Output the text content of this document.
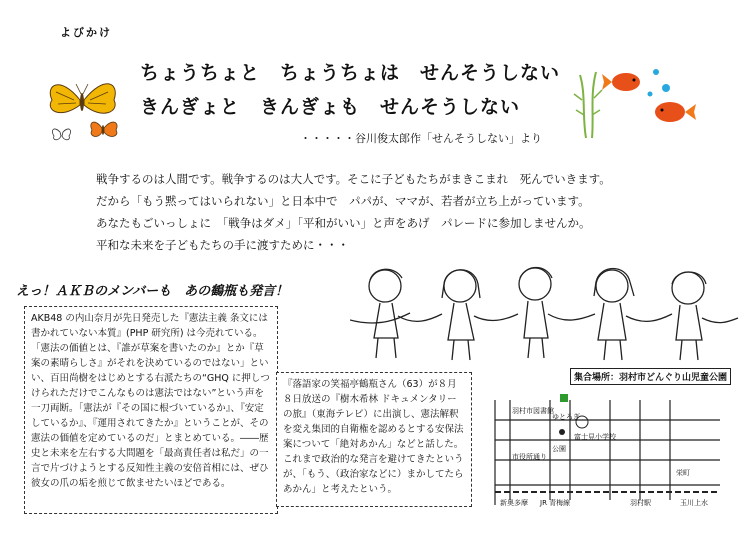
よびかけ
ちょうちょと　ちょうちょは　せんそうしない
きんぎょと　きんぎょも　せんそうしない
・・・・・谷川俊太郎作「せんそうしない」より
戦争するのは人間です。戦争するのは大人です。そこに子どもたちがまきこまれ　死んでいきます。
だから「もう黙ってはいられない」と日本中で　パパが、ママが、若者が立ち上がっています。
あなたもごいっしょに　「戦争はダメ」「平和がいい」と声をあげ　パレードに参加しませんか。
平和な未来を子どもたちの手に渡すために・・・
えっ！ＡＫＢのメンバーも　あの鶴瓶も発言！

AKB48 の内山奈月が先日発売した『憲法主義 条文には書かれていない本質』(PHP 研究所) は今売れている。「憲法の価値とは、『誰が草案を書いたのか』とか『草案の素晴らしさ』がそれを決めているのではない」といい、百田尚樹をはじめとする右派たちの“GHQ に押しつけられただけでこんなものは憲法ではない”という声を一刀両断。「憲法が『その国に根づいているか』、『安定しているか』、『運用されてきたか』ということが、その憲法の価値を定めているのだ」とまとめている。――歴史と未来を左右する大問題を「最高責任者は私だ」の一言で片づけようとする反知性主義の安倍首相には、ぜひ彼女の爪の垢を煎じて飲ませたいほどである。

『落語家の笑福亭鶴瓶さん（63）が８月８日放送の『樹木希林 ドキュメンタリーの旅』（東海テレビ）に出演し、憲法解釈を変え集団的自衛権を認めるとする安保法案について「絶対あかん」などと話した。これまで政治的な発言を避けてきたというが、「もう、（政治家などに）まかしてたらあかん」と考えたという。

集合場所：羽村市どんぐり山児童公園
羽村市図書館
ゆとろぎ
富士見小学校
公園
市役所通り
新奥多摩 JR 青梅線	羽村駅	玉川上水
栄町
